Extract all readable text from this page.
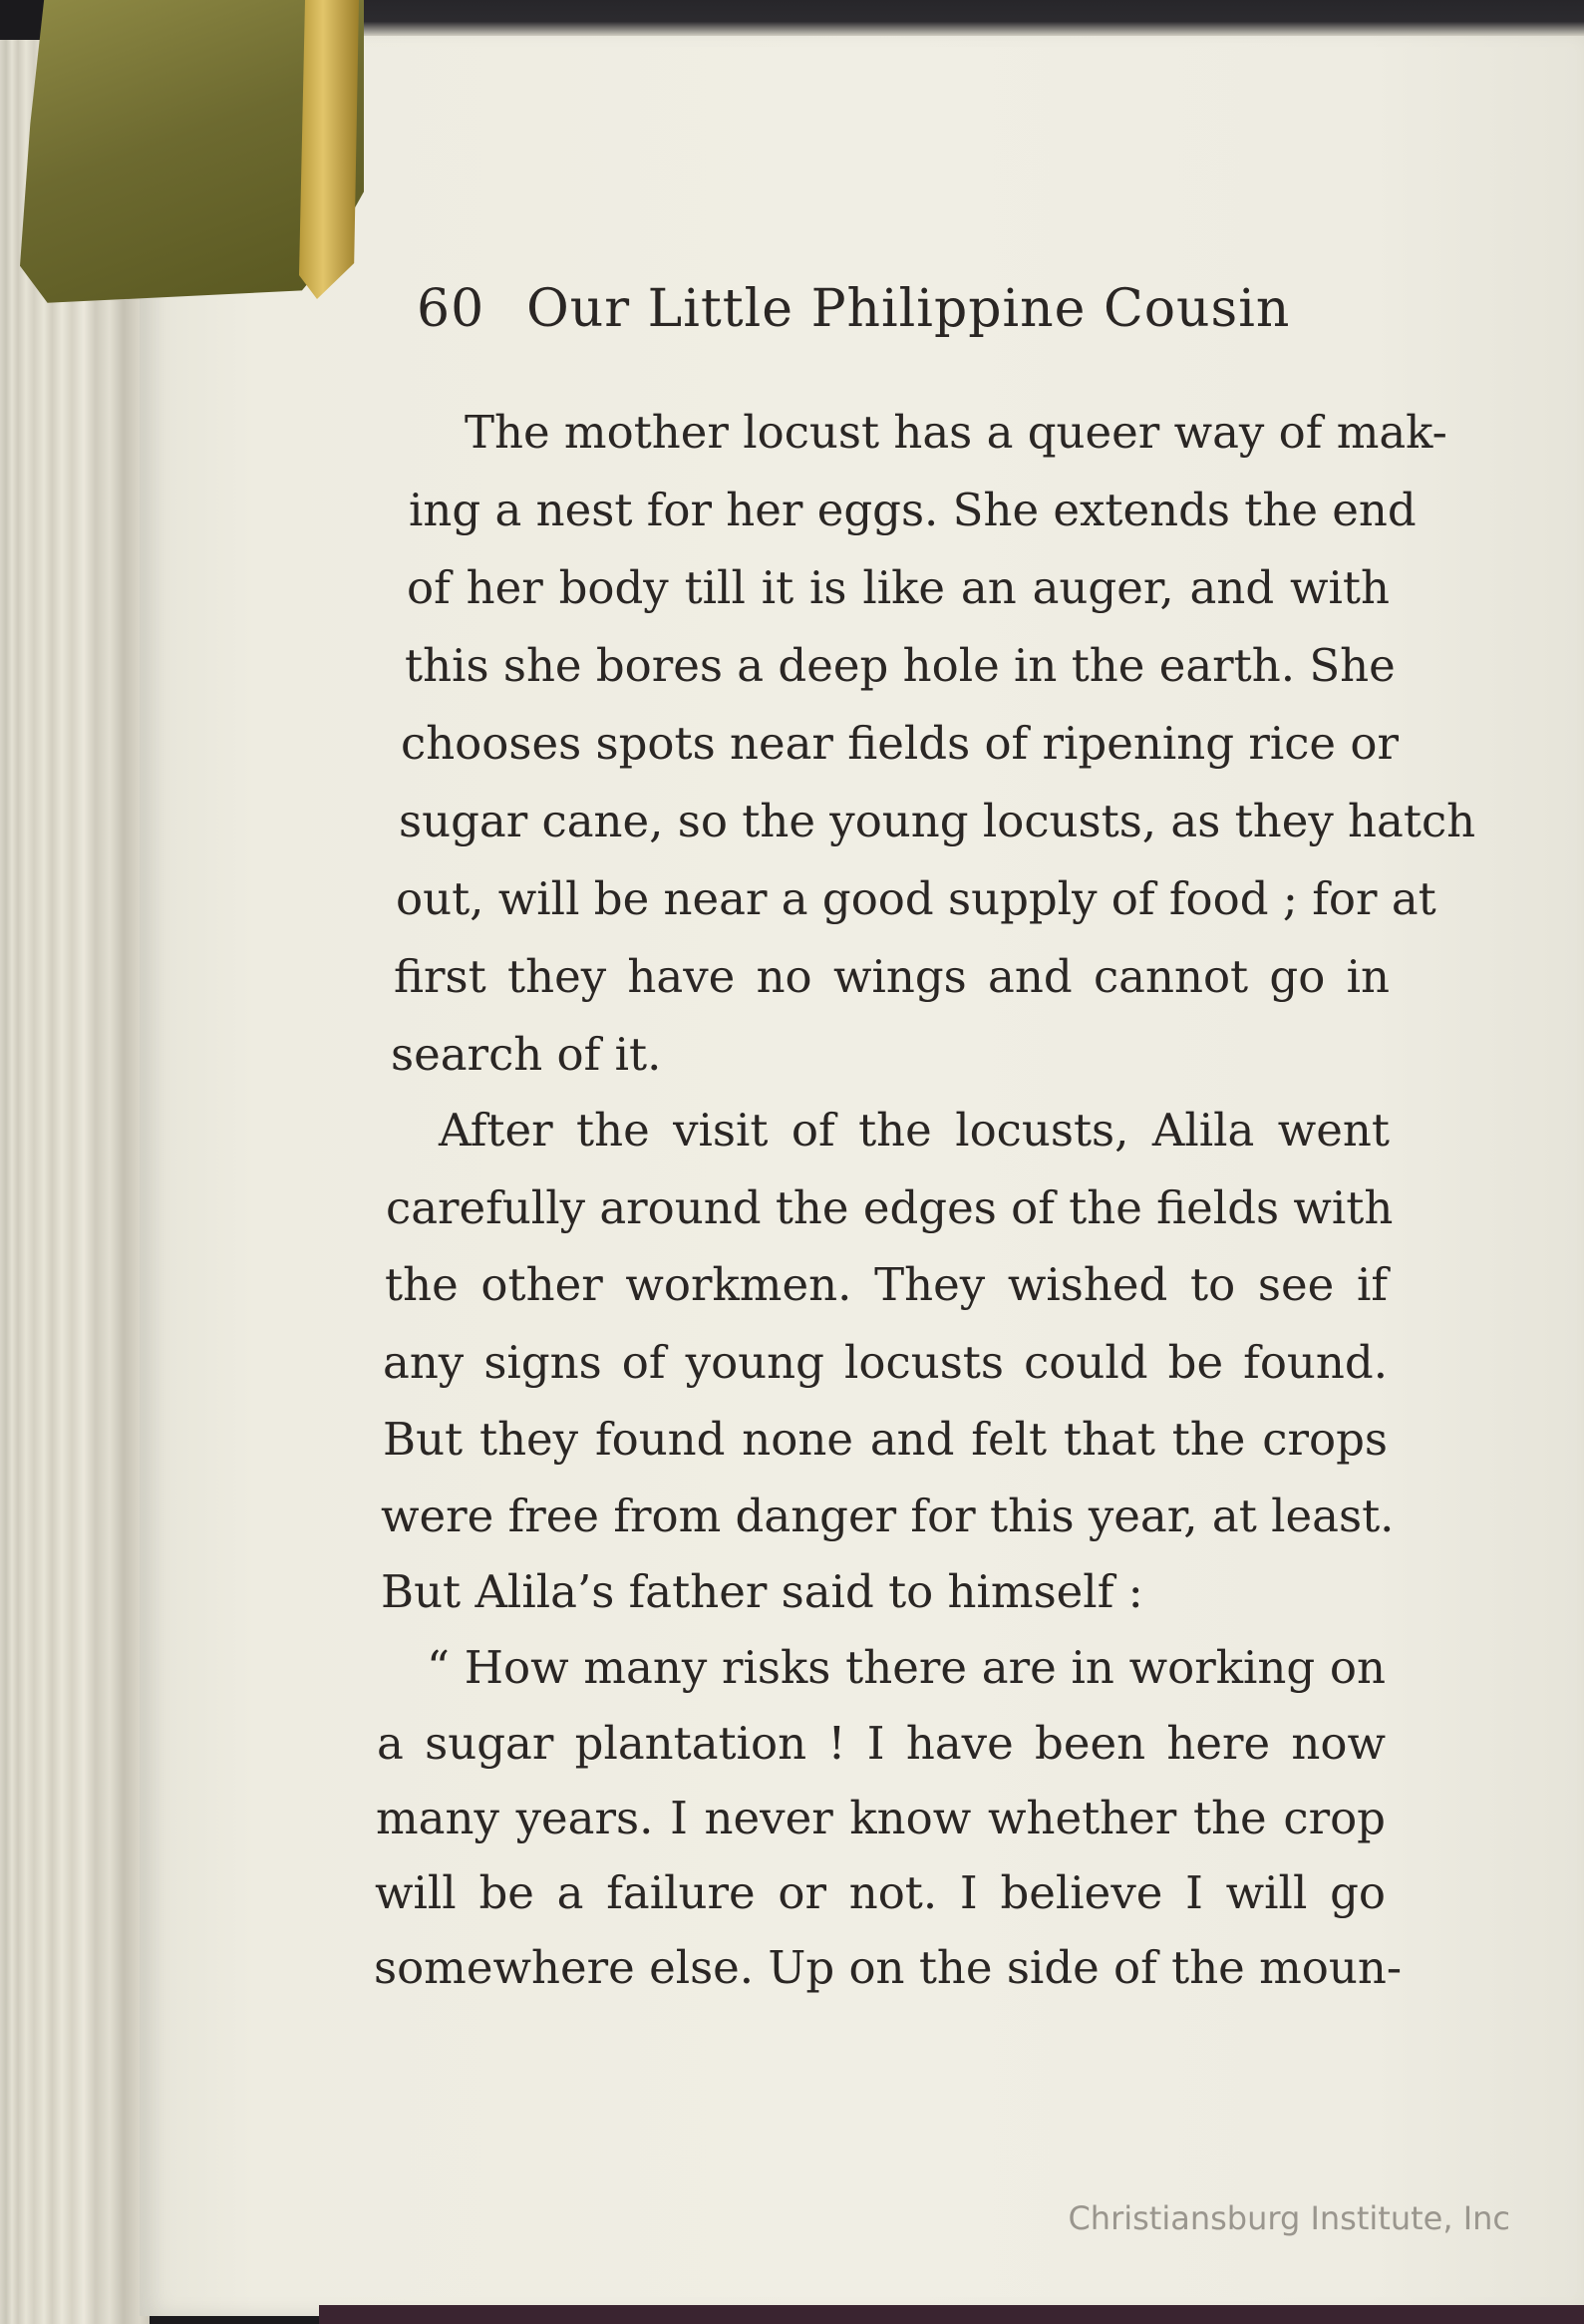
60 Our Little Philippine Cousin
The mother locust has a queer way of mak-
ing a nest for her eggs. She extends the end
of her body till it is like an auger, and with
this she bores a deep hole in the earth. She
chooses spots near fields of ripening rice or
sugar cane, so the young locusts, as they hatch
out, will be near a good supply of food ; for at
first they have no wings and cannot go in
search of it.
After the visit of the locusts, Alila went
carefully around the edges of the fields with
the other workmen. They wished to see if
any signs of young locusts could be found.
But they found none and felt that the crops
were free from danger for this year, at least.
But Alila’s father said to himself :
“ How many risks there are in working on
a sugar plantation ! I have been here now
many years. I never know whether the crop
will be a failure or not. I believe I will go
somewhere else. Up on the side of the moun-
Christiansburg Institute, Inc
